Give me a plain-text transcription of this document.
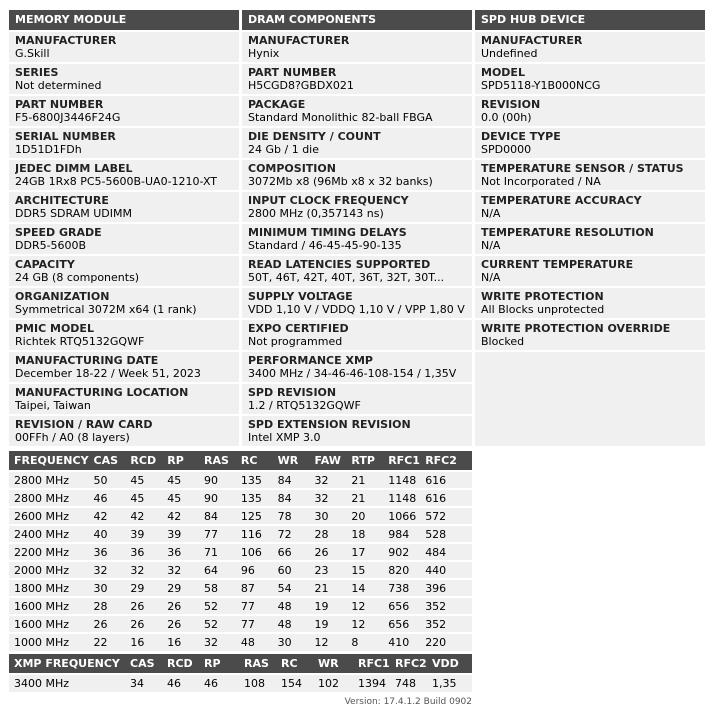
MEMORY MODULE
MANUFACTURER
G.Skill
SERIES
Not determined
PART NUMBER
F5-6800J3446F24G
SERIAL NUMBER
1D51D1FDh
JEDEC DIMM LABEL
24GB 1Rx8 PC5-5600B-UA0-1210-XT
ARCHITECTURE
DDR5 SDRAM UDIMM
SPEED GRADE
DDR5-5600B
CAPACITY
24 GB (8 components)
ORGANIZATION
Symmetrical 3072M x64 (1 rank)
PMIC MODEL
Richtek RTQ5132GQWF
MANUFACTURING DATE
December 18-22 / Week 51, 2023
MANUFACTURING LOCATION
Taipei, Taiwan
REVISION / RAW CARD
00FFh / A0 (8 layers)
DRAM COMPONENTS
MANUFACTURER
Hynix
PART NUMBER
H5CGD8?GBDX021
PACKAGE
Standard Monolithic 82-ball FBGA
DIE DENSITY / COUNT
24 Gb / 1 die
COMPOSITION
3072Mb x8 (96Mb x8 x 32 banks)
INPUT CLOCK FREQUENCY
2800 MHz (0,357143 ns)
MINIMUM TIMING DELAYS
Standard / 46-45-45-90-135
READ LATENCIES SUPPORTED
50T, 46T, 42T, 40T, 36T, 32T, 30T...
SUPPLY VOLTAGE
VDD 1,10 V / VDDQ 1,10 V / VPP 1,80 V
EXPO CERTIFIED
Not programmed
PERFORMANCE XMP
3400 MHz / 34-46-46-108-154 / 1,35V
SPD REVISION
1.2 / RTQ5132GQWF
SPD EXTENSION REVISION
Intel XMP 3.0
SPD HUB DEVICE
MANUFACTURER
Undefined
MODEL
SPD5118-Y1B000NCG
REVISION
0.0 (00h)
DEVICE TYPE
SPD0000
TEMPERATURE SENSOR / STATUS
Not Incorporated / NA
TEMPERATURE ACCURACY
N/A
TEMPERATURE RESOLUTION
N/A
CURRENT TEMPERATURE
N/A
WRITE PROTECTION
All Blocks unprotected
WRITE PROTECTION OVERRIDE
Blocked
FREQUENCY	CAS	RCD	RP	RAS	RC	WR	FAW	RTP	RFC1	RFC2
2800 MHz	50	45	45	90	135	84	32	21	1148	616
2800 MHz	46	45	45	90	135	84	32	21	1148	616
2600 MHz	42	42	42	84	125	78	30	20	1066	572
2400 MHz	40	39	39	77	116	72	28	18	984	528
2200 MHz	36	36	36	71	106	66	26	17	902	484
2000 MHz	32	32	32	64	96	60	23	15	820	440
1800 MHz	30	29	29	58	87	54	21	14	738	396
1600 MHz	28	26	26	52	77	48	19	12	656	352
1600 MHz	26	26	26	52	77	48	19	12	656	352
1000 MHz	22	16	16	32	48	30	12	8	410	220
XMP FREQUENCY	CAS	RCD	RP	RAS	RC	WR	RFC1	RFC2	VDD
3400 MHz	34	46	46	108	154	102	1394	748	1,35
Version: 17.4.1.2 Build 0902
